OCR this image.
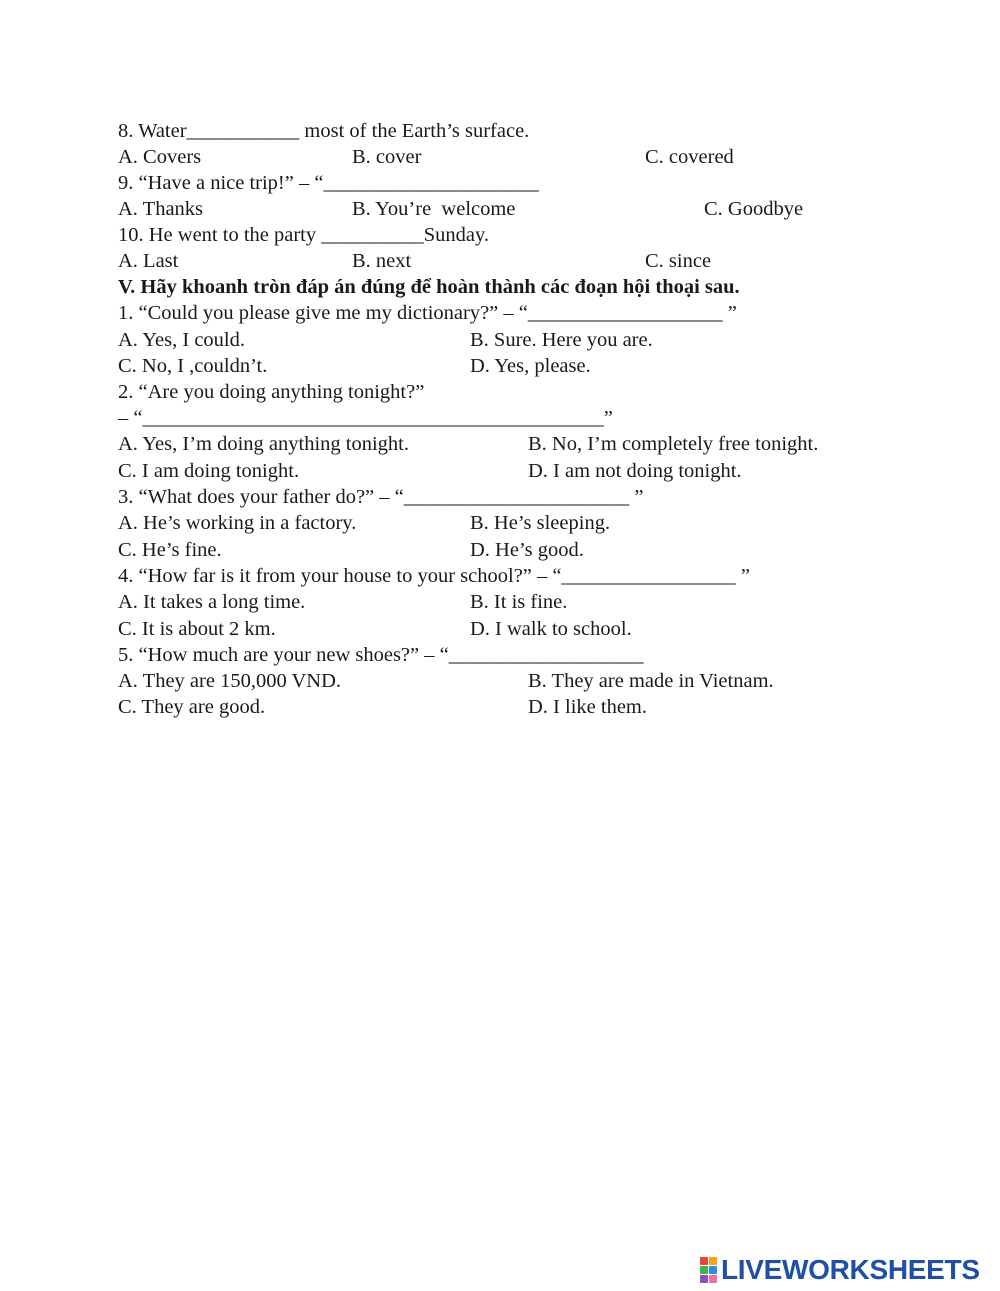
8. Water___________ most of the Earth’s surface.
A. Covers	B. cover	C. covered
9. “Have a nice trip!” – “_____________________
A. Thanks	B. You’re  welcome	C. Goodbye
10. He went to the party __________Sunday.
A. Last	B. next	C. since
V. Hãy khoanh tròn đáp án đúng để hoàn thành các đoạn hội thoại sau.
1. “Could you please give me my dictionary?” – “___________________ ”
A. Yes, I could.	B. Sure. Here you are.
C. No, I ,couldn’t.	D. Yes, please.
2. “Are you doing anything tonight?”
– “_____________________________________________”
A. Yes, I’m doing anything tonight.	B. No, I’m completely free tonight.
C. I am doing tonight.	D. I am not doing tonight.
3. “What does your father do?” – “______________________ ”
A. He’s working in a factory.	B. He’s sleeping.
C. He’s fine.	D. He’s good.
4. “How far is it from your house to your school?” – “_________________ ”
A. It takes a long time.	B. It is fine.
C. It is about 2 km.	D. I walk to school.
5. “How much are your new shoes?” – “___________________
A. They are 150,000 VND.	B. They are made in Vietnam.
C. They are good.	D. I like them.
LIVEWORKSHEETS
